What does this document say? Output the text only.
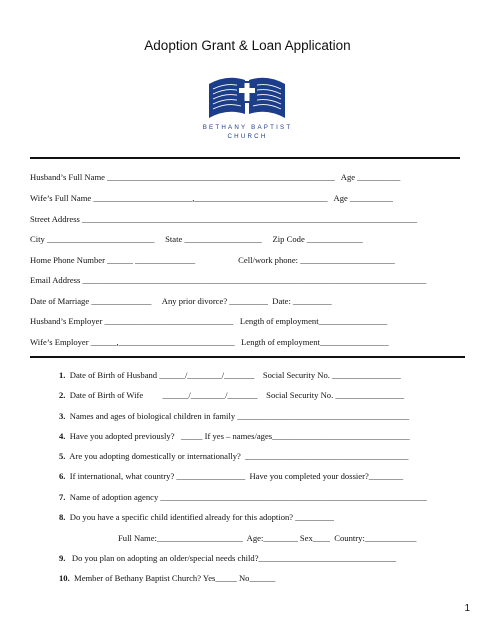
Adoption Grant & Loan Application
BETHANY BAPTIST
CHURCH
Husband’s Full Name _____________________________________________________   Age __________
Wife’s Full Name _______________________,_______________________________   Age __________
Street Address ______________________________________________________________________________
City _________________________     State __________________     Zip Code _____________
Home Phone Number ______ ______________                    Cell/work phone: ______________________
Email Address ________________________________________________________________________________
Date of Marriage ______________     Any prior divorce? _________  Date: _________
Husband’s Employer ______________________________   Length of employment________________
Wife’s Employer ______,___________________________   Length of employment________________
1. Date of Birth of Husband ______/________/_______    Social Security No. ________________
2. Date of Birth of Wife         ______/________/_______    Social Security No. ________________
3. Names and ages of biological children in family ________________________________________
4. Have you adopted previously?   _____ If yes – names/ages________________________________
5. Are you adopting domestically or internationally?  ______________________________________
6. If international, what country? ________________  Have you completed your dossier?________
7. Name of adoption agency ______________________________________________________________
8. Do you have a specific child identified already for this adoption? _________
Full Name:____________________  Age:________ Sex____  Country:____________
9.   Do you plan on adopting an older/special needs child?________________________________
10. Member of Bethany Baptist Church? Yes_____ No______
1
